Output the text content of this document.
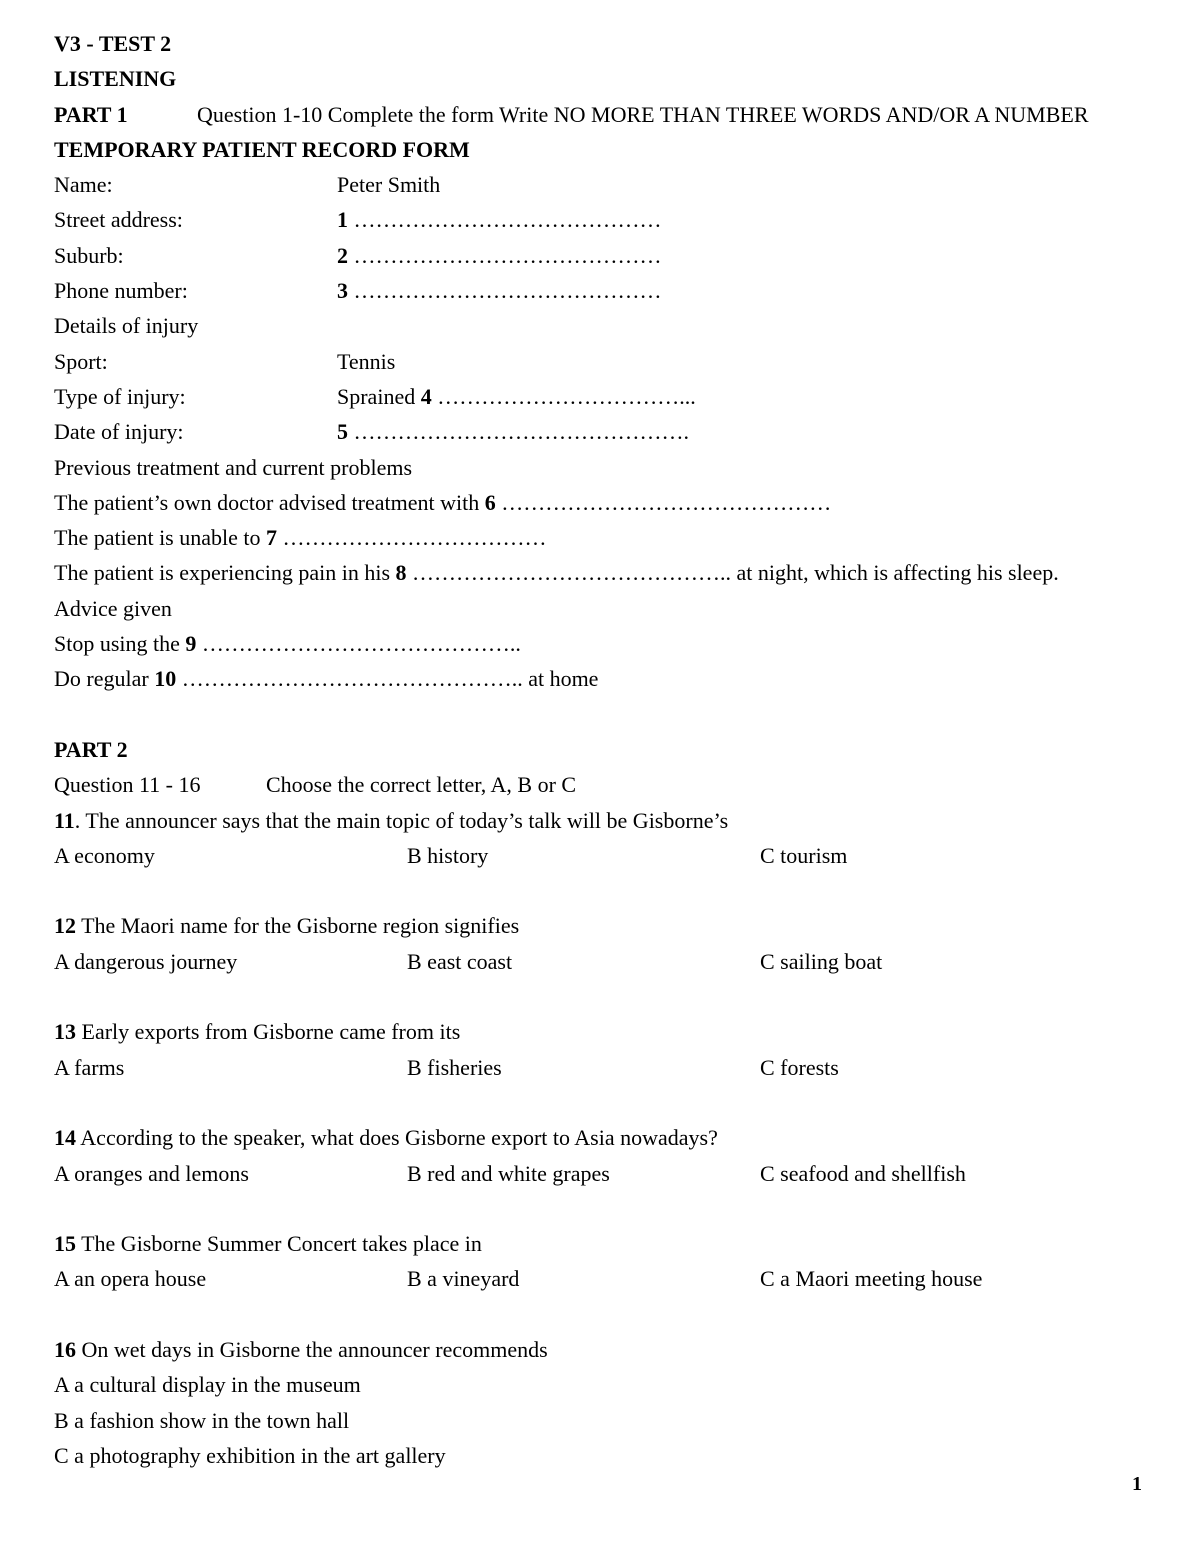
V3 - TEST 2
LISTENING
PART 1	Question 1-10 Complete the form Write NO MORE THAN THREE WORDS AND/OR A NUMBER
TEMPORARY PATIENT RECORD FORM
Name:	Peter Smith
Street address:	1 ……………………………………
Suburb:	2 ……………………………………
Phone number:	3 ……………………………………
Details of injury
Sport:	Tennis
Type of injury:	Sprained 4 ……………………………...
Date of injury:	5 ……………………………………….
Previous treatment and current problems
The patient’s own doctor advised treatment with 6 ………………………………………
The patient is unable to 7 ………………………………
The patient is experiencing pain in his 8 …………………………………….. at night, which is affecting his sleep.
Advice given
Stop using the 9 ……………………………………..
Do regular 10 ……………………………………….. at home
PART 2
Question 11 - 16	Choose the correct letter, A, B or C
11. The announcer says that the main topic of today’s talk will be Gisborne’s
A economy	B history	C tourism
12 The Maori name for the Gisborne region signifies
A dangerous journey	B east coast	C sailing boat
13 Early exports from Gisborne came from its
A farms	B fisheries	C forests
14 According to the speaker, what does Gisborne export to Asia nowadays?
A oranges and lemons	B red and white grapes	C seafood and shellfish
15 The Gisborne Summer Concert takes place in
A an opera house	B a vineyard	C a Maori meeting house
16 On wet days in Gisborne the announcer recommends
A a cultural display in the museum
B a fashion show in the town hall
C a photography exhibition in the art gallery
1
